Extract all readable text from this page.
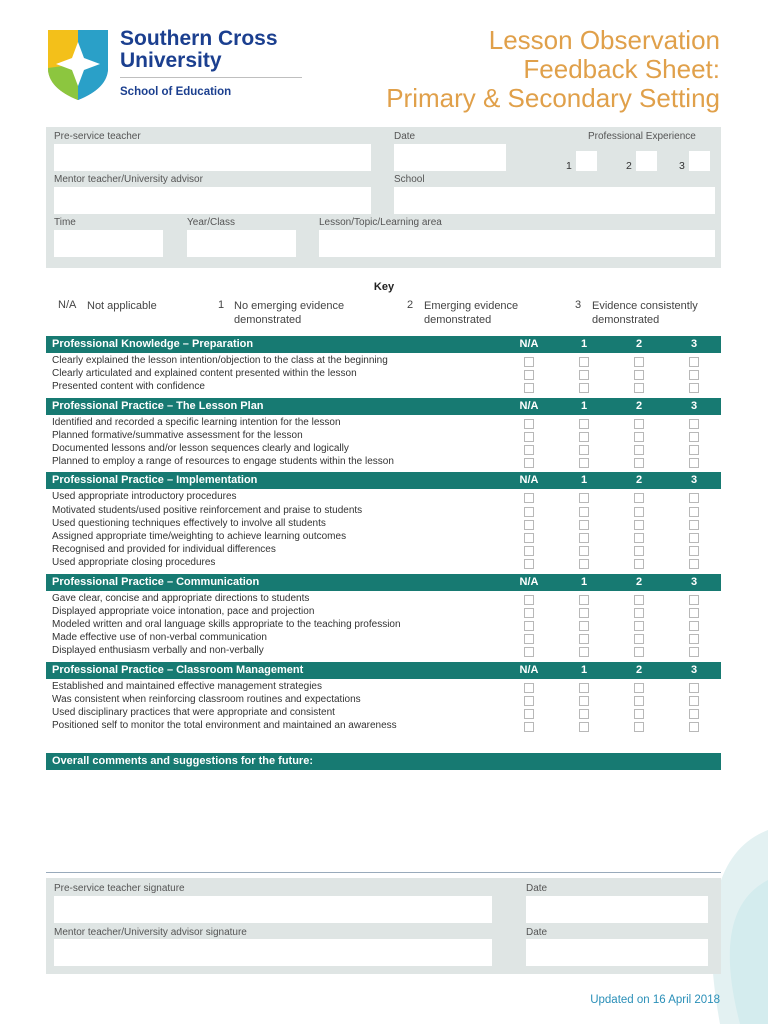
Southern Cross
University
School of Education
Lesson Observation
Feedback Sheet:
Primary & Secondary Setting
Pre-service teacher	Date	Professional Experience
1	2	3
Mentor teacher/University advisor	School
Time	Year/Class	Lesson/Topic/Learning area
Key
N/A Not applicable	1 No emerging evidence demonstrated
2 Emerging evidence demonstrated
3 Evidence consistently demonstrated
Professional Knowledge – Preparation	N/A	1	2	3
Clearly explained the lesson intention/objection to the class at the beginning
Clearly articulated and explained content presented within the lesson
Presented content with confidence
Professional Practice – The Lesson Plan	N/A	1	2	3
Identified and recorded a specific learning intention for the lesson
Planned formative/summative assessment for the lesson
Documented lessons and/or lesson sequences clearly and logically
Planned to employ a range of resources to engage students within the lesson
Professional Practice – Implementation	N/A	1	2	3
Used appropriate introductory procedures
Motivated students/used positive reinforcement and praise to students
Used questioning techniques effectively to involve all students
Assigned appropriate time/weighting to achieve learning outcomes
Recognised and provided for individual differences
Used appropriate closing procedures
Professional Practice – Communication	N/A	1	2	3
Gave clear, concise and appropriate directions to students
Displayed appropriate voice intonation, pace and projection
Modeled written and oral language skills appropriate to the teaching profession
Made effective use of non-verbal communication
Displayed enthusiasm verbally and non-verbally
Professional Practice – Classroom Management	N/A	1	2	3
Established and maintained effective management strategies
Was consistent when reinforcing classroom routines and expectations
Used disciplinary practices that were appropriate and consistent
Positioned self to monitor the total environment and maintained an awareness
Overall comments and suggestions for the future:
Pre-service teacher signature	Date
Mentor teacher/University advisor signature	Date
Updated on 16 April 2018
